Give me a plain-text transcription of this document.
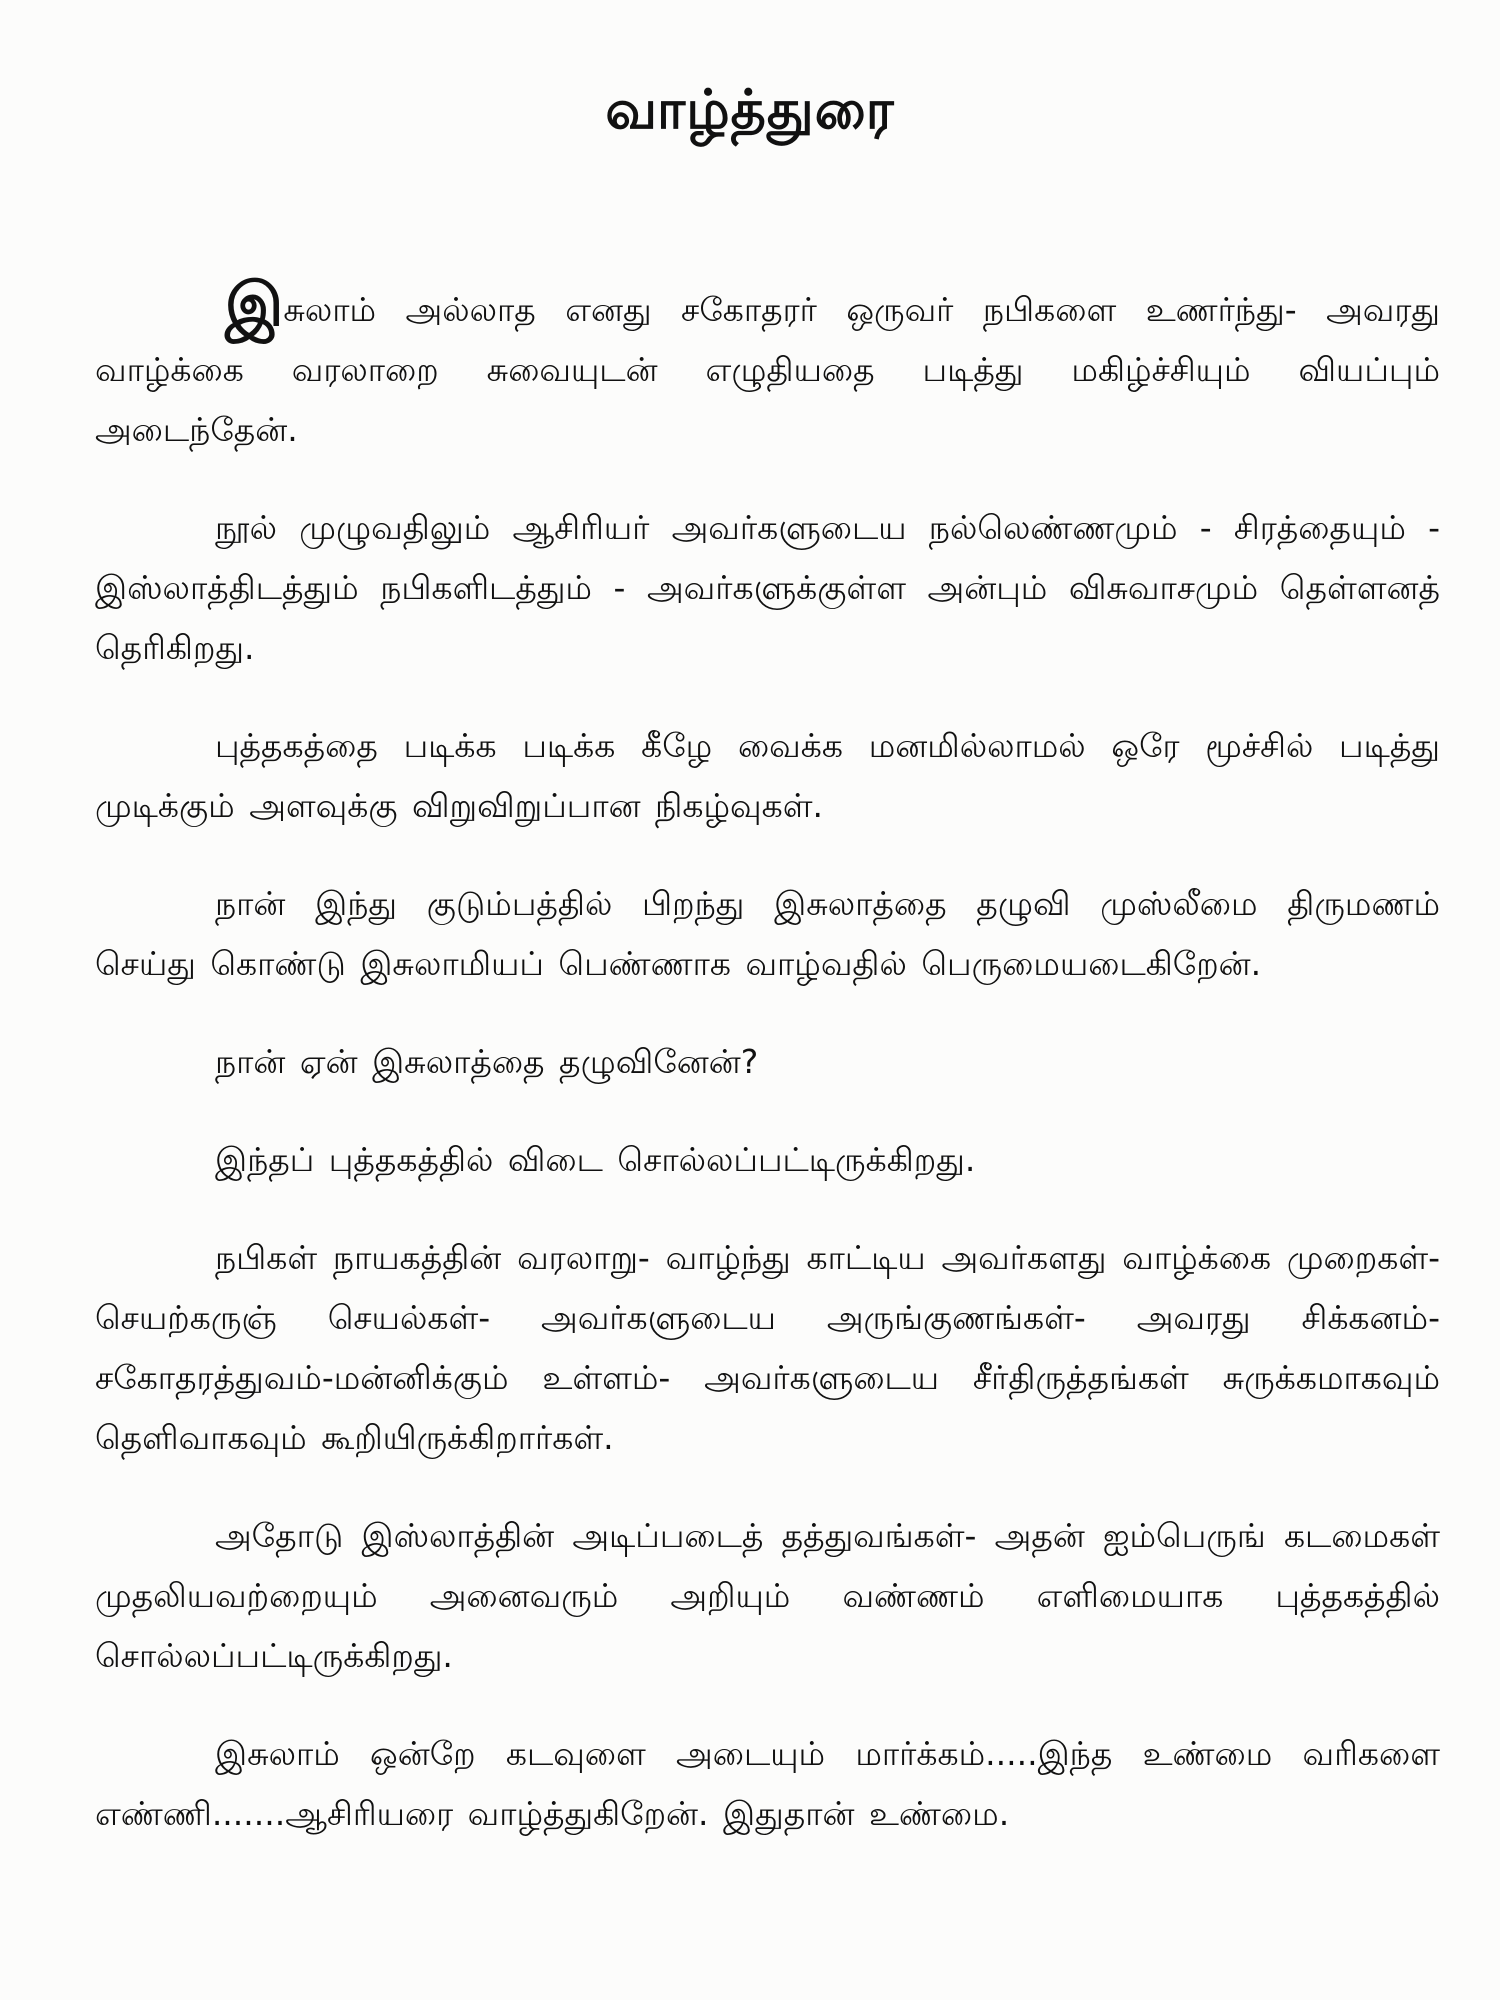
வாழ்த்துரை

இசுலாம் அல்லாத எனது சகோதரர் ஒருவர் நபிகளை உணர்ந்து- அவரது வாழ்க்கை வரலாறை சுவையுடன் எழுதியதை படித்து மகிழ்ச்சியும் வியப்பும் அடைந்தேன்.

நூல் முழுவதிலும் ஆசிரியர் அவர்களுடைய நல்லெண்ணமும் - சிரத்தையும் - இஸ்லாத்திடத்தும் நபிகளிடத்தும் - அவர்களுக்குள்ள அன்பும் விசுவாசமும் தெள்ளனத் தெரிகிறது.

புத்தகத்தை படிக்க படிக்க கீழே வைக்க மனமில்லாமல் ஒரே மூச்சில் படித்து முடிக்கும் அளவுக்கு விறுவிறுப்பான நிகழ்வுகள்.

நான் இந்து குடும்பத்தில் பிறந்து இசுலாத்தை தழுவி முஸ்லீமை திருமணம் செய்து கொண்டு இசுலாமியப் பெண்ணாக வாழ்வதில் பெருமையடைகிறேன்.

நான் ஏன் இசுலாத்தை தழுவினேன்?

இந்தப் புத்தகத்தில் விடை சொல்லப்பட்டிருக்கிறது.

நபிகள் நாயகத்தின் வரலாறு- வாழ்ந்து காட்டிய அவர்களது வாழ்க்கை முறைகள்- செயற்கருஞ் செயல்கள்- அவர்களுடைய அருங்குணங்கள்- அவரது சிக்கனம்- சகோதரத்துவம்-மன்னிக்கும் உள்ளம்- அவர்களுடைய சீர்திருத்தங்கள் சுருக்கமாகவும் தெளிவாகவும் கூறியிருக்கிறார்கள்.

அதோடு இஸ்லாத்தின் அடிப்படைத் தத்துவங்கள்- அதன் ஐம்பெருங் கடமைகள் முதலியவற்றையும் அனைவரும் அறியும் வண்ணம் எளிமையாக புத்தகத்தில் சொல்லப்பட்டிருக்கிறது.

இசுலாம் ஒன்றே கடவுளை அடையும் மார்க்கம்.....இந்த உண்மை வரிகளை எண்ணி.......ஆசிரியரை வாழ்த்துகிறேன். இதுதான் உண்மை.
